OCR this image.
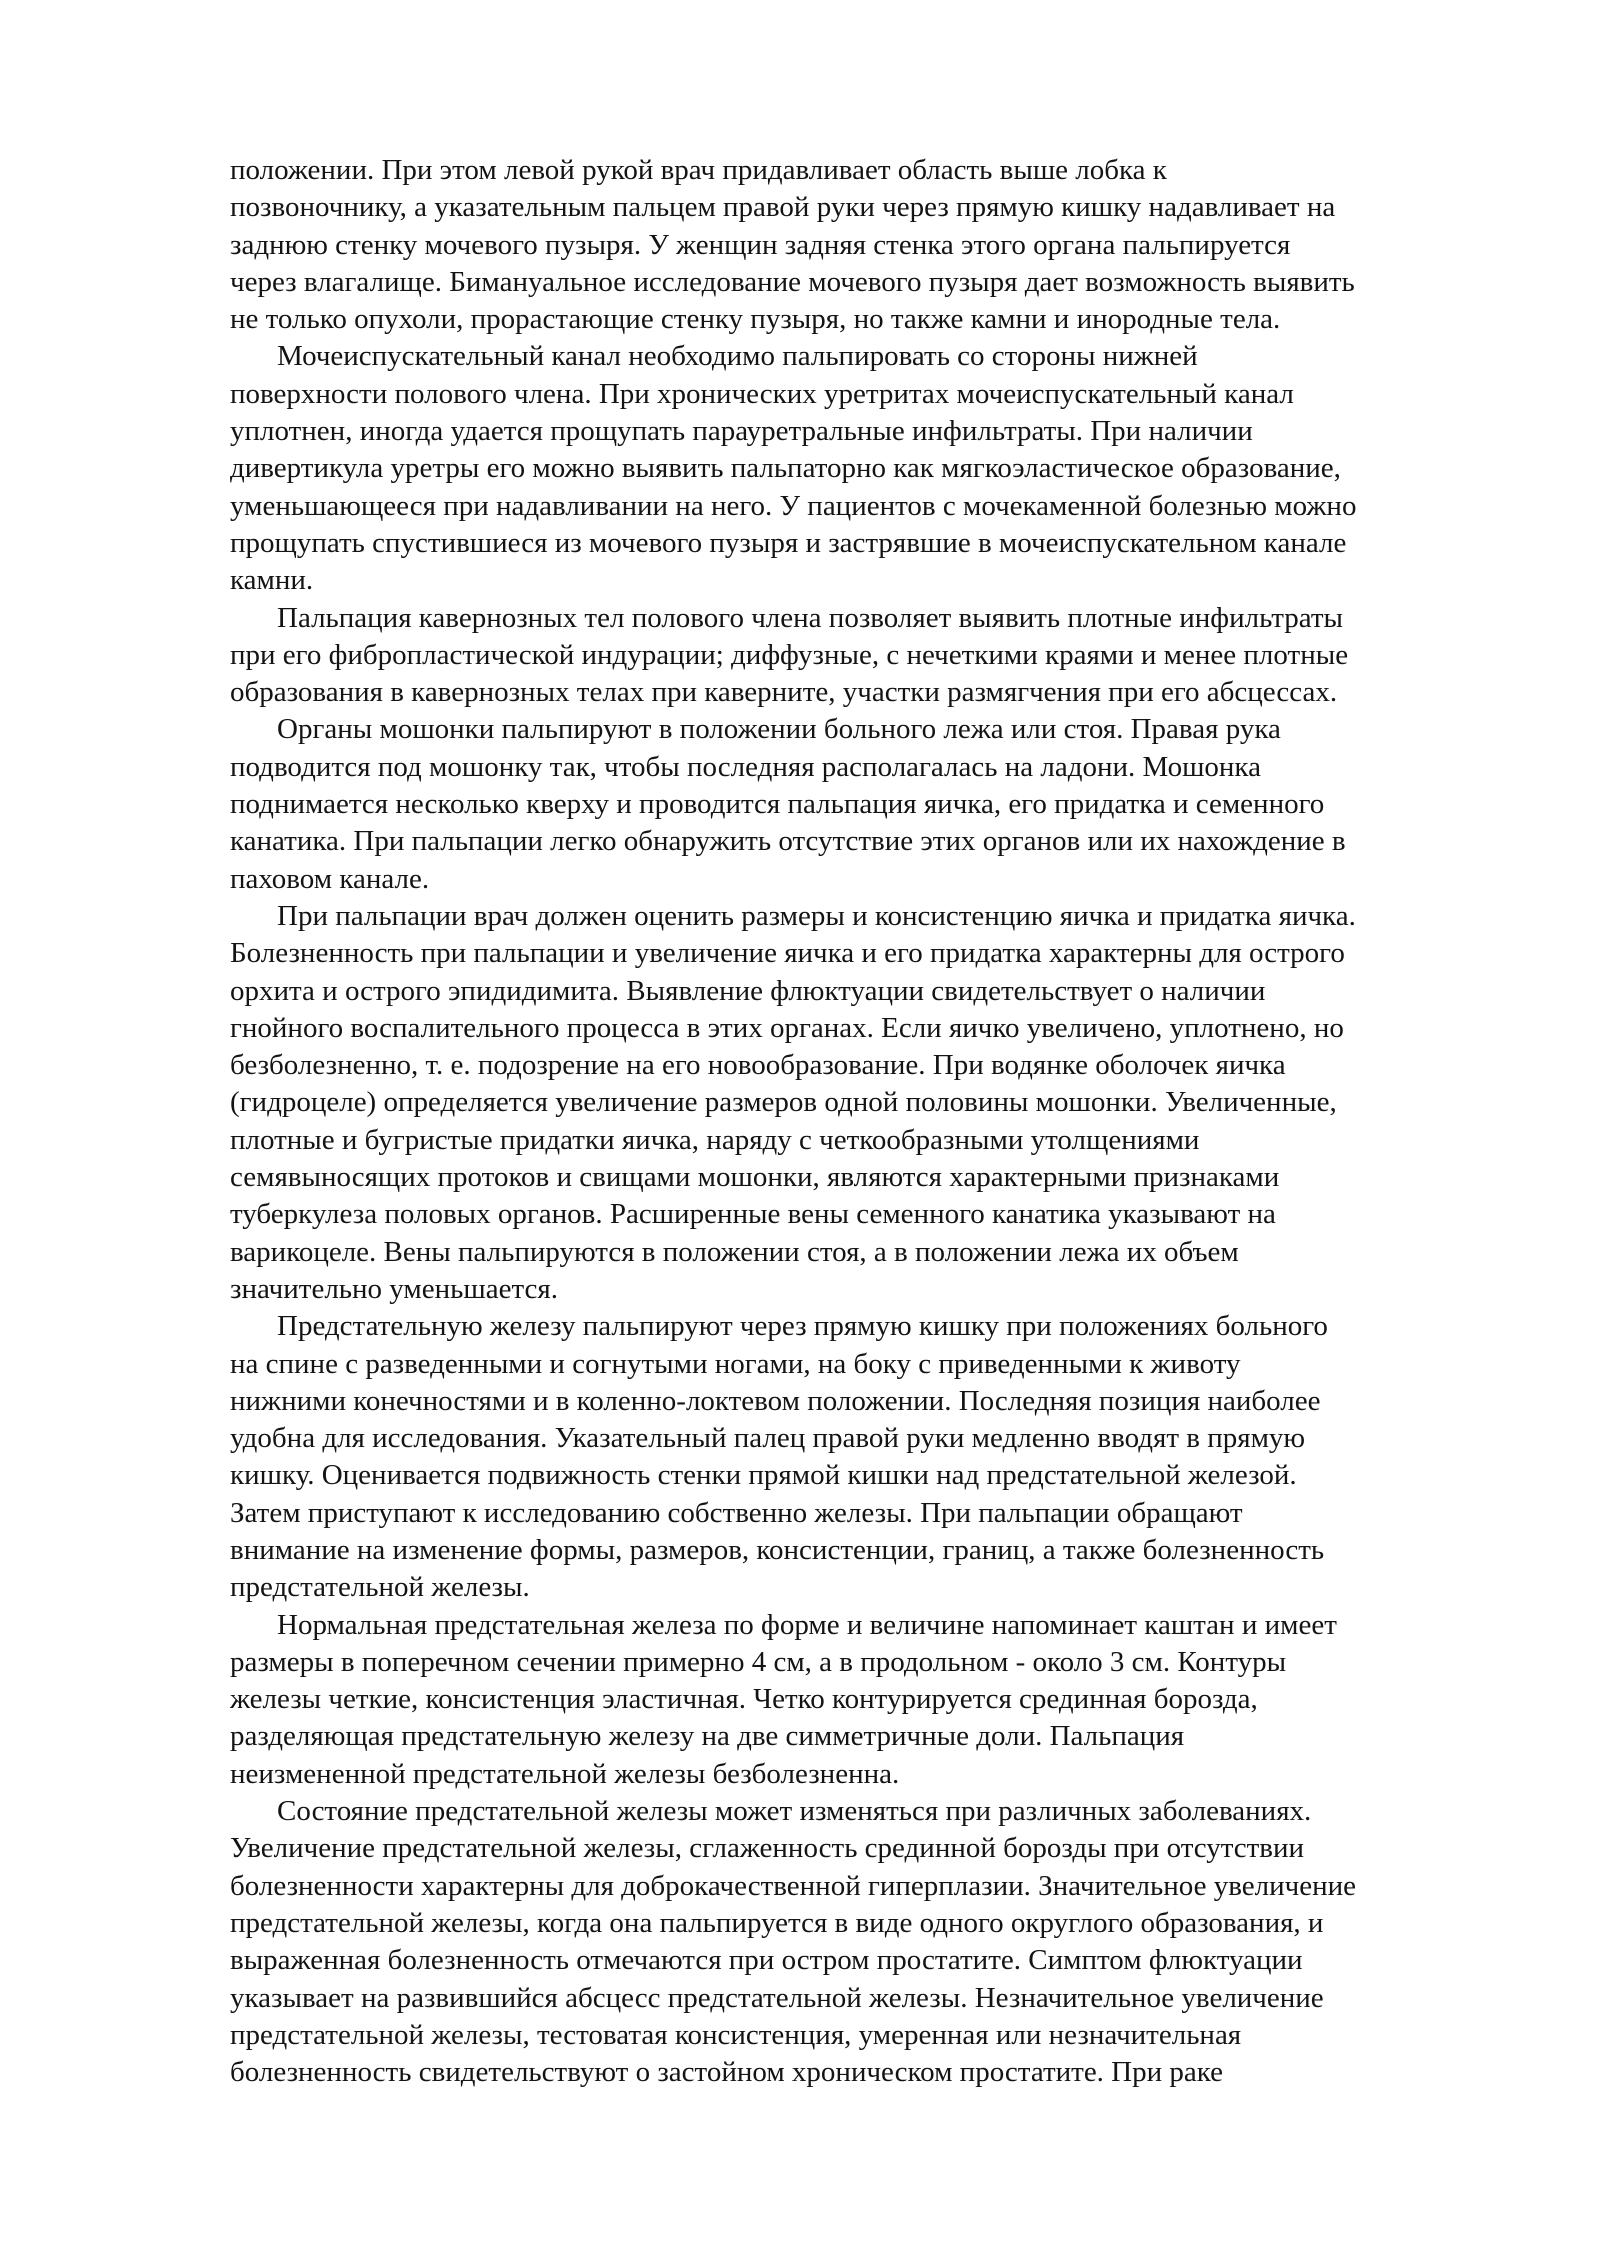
положении. При этом левой рукой врач придавливает область выше лобка к
позвоночнику, а указательным пальцем правой руки через прямую кишку надавливает на
заднюю стенку мочевого пузыря. У женщин задняя стенка этого органа пальпируется
через влагалище. Бимануальное исследование мочевого пузыря дает возможность выявить
не только опухоли, прорастающие стенку пузыря, но также камни и инородные тела.
Мочеиспускательный канал необходимо пальпировать со стороны нижней
поверхности полового члена. При хронических уретритах мочеиспускательный канал
уплотнен, иногда удается прощупать парауретральные инфильтраты. При наличии
дивертикула уретры его можно выявить пальпаторно как мягкоэластическое образование,
уменьшающееся при надавливании на него. У пациентов с мочекаменной болезнью можно
прощупать спустившиеся из мочевого пузыря и застрявшие в мочеиспускательном канале
камни.
Пальпация кавернозных тел полового члена позволяет выявить плотные инфильтраты
при его фибропластической индурации; диффузные, с нечеткими краями и менее плотные
образования в кавернозных телах при каверните, участки размягчения при его абсцессах.
Органы мошонки пальпируют в положении больного лежа или стоя. Правая рука
подводится под мошонку так, чтобы последняя располагалась на ладони. Мошонка
поднимается несколько кверху и проводится пальпация яичка, его придатка и семенного
канатика. При пальпации легко обнаружить отсутствие этих органов или их нахождение в
паховом канале.
При пальпации врач должен оценить размеры и консистенцию яичка и придатка яичка.
Болезненность при пальпации и увеличение яичка и его придатка характерны для острого
орхита и острого эпидидимита. Выявление флюктуации свидетельствует о наличии
гнойного воспалительного процесса в этих органах. Если яичко увеличено, уплотнено, но
безболезненно, т. е. подозрение на его новообразование. При водянке оболочек яичка
(гидроцеле) определяется увеличение размеров одной половины мошонки. Увеличенные,
плотные и бугристые придатки яичка, наряду с четкообразными утолщениями
семявыносящих протоков и свищами мошонки, являются характерными признаками
туберкулеза половых органов. Расширенные вены семенного канатика указывают на
варикоцеле. Вены пальпируются в положении стоя, а в положении лежа их объем
значительно уменьшается.
Предстательную железу пальпируют через прямую кишку при положениях больного
на спине с разведенными и согнутыми ногами, на боку с приведенными к животу
нижними конечностями и в коленно-локтевом положении. Последняя позиция наиболее
удобна для исследования. Указательный палец правой руки медленно вводят в прямую
кишку. Оценивается подвижность стенки прямой кишки над предстательной железой.
Затем приступают к исследованию собственно железы. При пальпации обращают
внимание на изменение формы, размеров, консистенции, границ, а также болезненность
предстательной железы.
Нормальная предстательная железа по форме и величине напоминает каштан и имеет
размеры в поперечном сечении примерно 4 см, а в продольном - около 3 см. Контуры
железы четкие, консистенция эластичная. Четко контурируется срединная борозда,
разделяющая предстательную железу на две симметричные доли. Пальпация
неизмененной предстательной железы безболезненна.
Состояние предстательной железы может изменяться при различных заболеваниях.
Увеличение предстательной железы, сглаженность срединной борозды при отсутствии
болезненности характерны для доброкачественной гиперплазии. Значительное увеличение
предстательной железы, когда она пальпируется в виде одного округлого образования, и
выраженная болезненность отмечаются при остром простатите. Симптом флюктуации
указывает на развившийся абсцесс предстательной железы. Незначительное увеличение
предстательной железы, тестоватая консистенция, умеренная или незначительная
болезненность свидетельствуют о застойном хроническом простатите. При раке
